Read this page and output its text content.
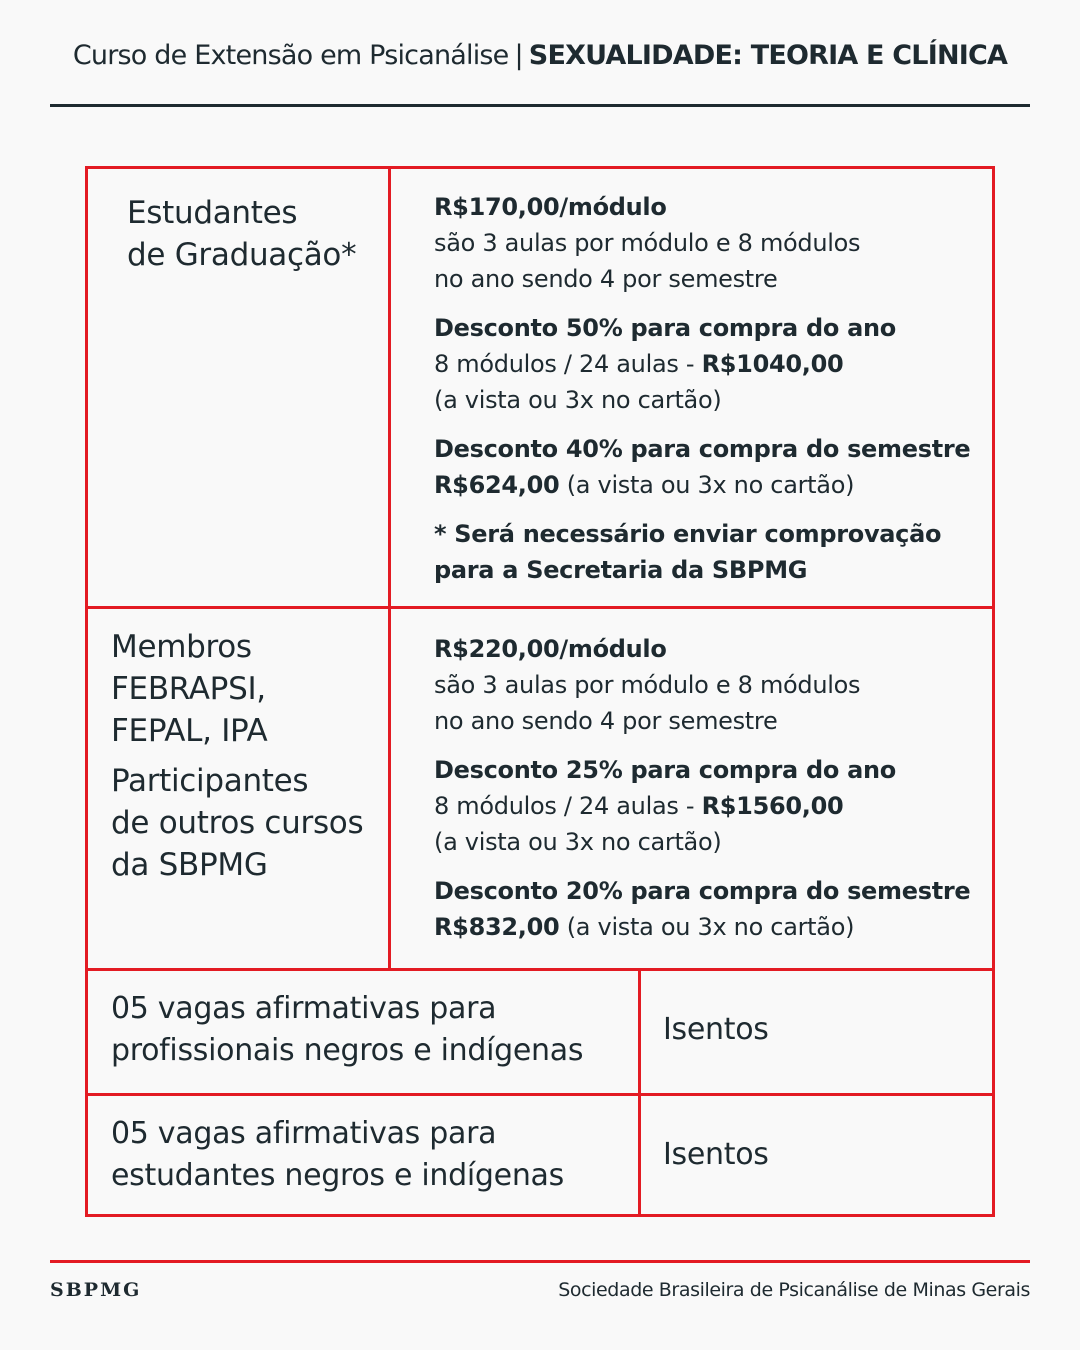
Curso de Extensão em Psicanálise | SEXUALIDADE: TEORIA E CLÍNICA
Estudantes
de Graduação*
R$170,00/módulo
são 3 aulas por módulo e 8 módulos
no ano sendo 4 por semestre
Desconto 50% para compra do ano
8 módulos / 24 aulas - R$1040,00
(a vista ou 3x no cartão)
Desconto 40% para compra do semestre
R$624,00 (a vista ou 3x no cartão)
* Será necessário enviar comprovação
para a Secretaria da SBPMG
Membros
FEBRAPSI,
FEPAL, IPA
Participantes
de outros cursos
da SBPMG
R$220,00/módulo
são 3 aulas por módulo e 8 módulos
no ano sendo 4 por semestre
Desconto 25% para compra do ano
8 módulos / 24 aulas - R$1560,00
(a vista ou 3x no cartão)
Desconto 20% para compra do semestre
R$832,00 (a vista ou 3x no cartão)
05 vagas afirmativas para
profissionais negros e indígenas
Isentos
05 vagas afirmativas para
estudantes negros e indígenas
Isentos
SBPMG	Sociedade Brasileira de Psicanálise de Minas Gerais
